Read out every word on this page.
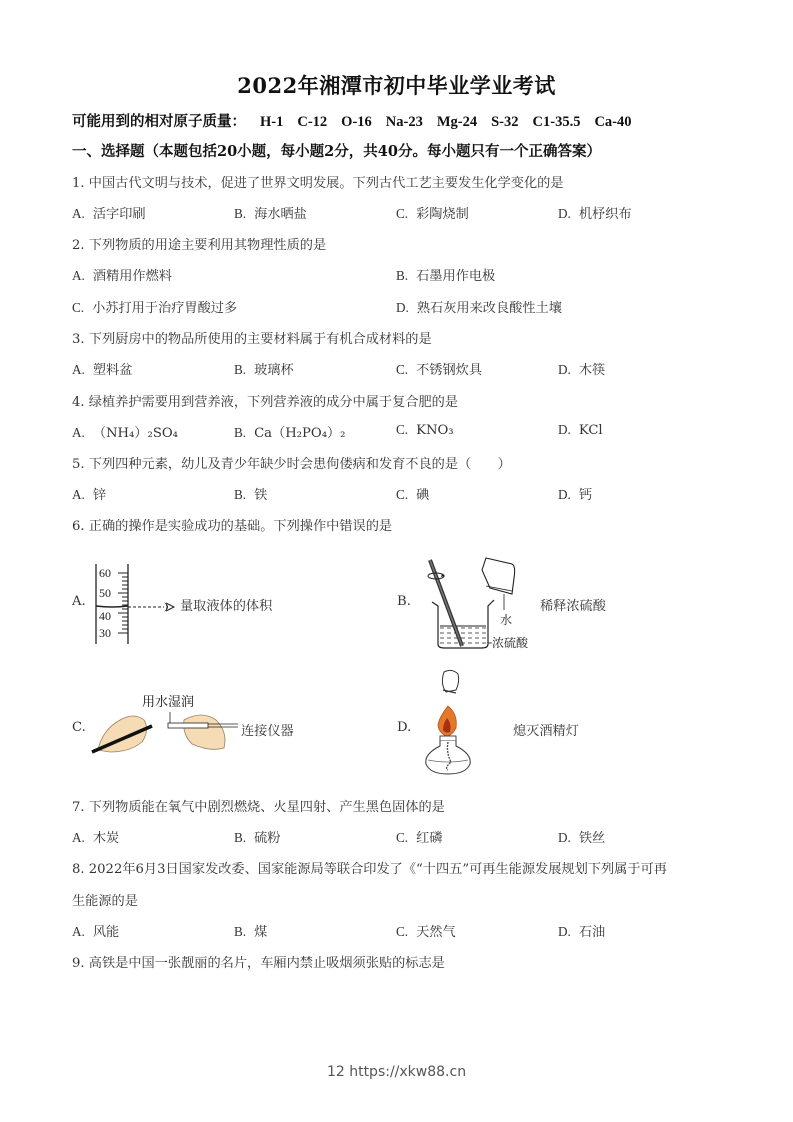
2022年湘潭市初中毕业学业考试
可能用到的相对原子质量： H-1 C-12 O-16 Na-23 Mg-24 S-32 C1-35.5 Ca-40
一、选择题（本题包括20小题，每小题2分，共40分。每小题只有一个正确答案）
1. 中国古代文明与技术，促进了世界文明发展。下列古代工艺主要发生化学变化的是
A. 活字印刷	B. 海水晒盐	C. 彩陶烧制	D. 机杼织布
2. 下列物质的用途主要利用其物理性质的是
A. 酒精用作燃料	B. 石墨用作电极
C. 小苏打用于治疗胃酸过多	D. 熟石灰用来改良酸性土壤
3. 下列厨房中的物品所使用的主要材料属于有机合成材料的是
A. 塑料盆	B. 玻璃杯	C. 不锈钢炊具	D. 木筷
4. 绿植养护需要用到营养液，下列营养液的成分中属于复合肥的是
A. （NH₄）₂SO₄	B. Ca（H₂PO₄）₂	C. KNO₃	D. KCl
5. 下列四种元素，幼儿及青少年缺少时会患佝偻病和发育不良的是（　　）
A. 锌	B. 铁	C. 碘	D. 钙
6. 正确的操作是实验成功的基础。下列操作中错误的是
A.
60
50
40
30
量取液体的体积	B.
水
浓硫酸
稀释浓硫酸
C.
用水湿润
连接仪器	D.	熄灭酒精灯
7. 下列物质能在氧气中剧烈燃烧、火星四射、产生黑色固体的是
A. 木炭	B. 硫粉	C. 红磷	D. 铁丝
8. 2022年6月3日国家发改委、国家能源局等联合印发了《“十四五”可再生能源发展规划下列属于可再
生能源的是
A. 风能	B. 煤	C. 天然气	D. 石油
9. 高铁是中国一张靓丽的名片，车厢内禁止吸烟须张贴的标志是
12 https://xkw88.cn
